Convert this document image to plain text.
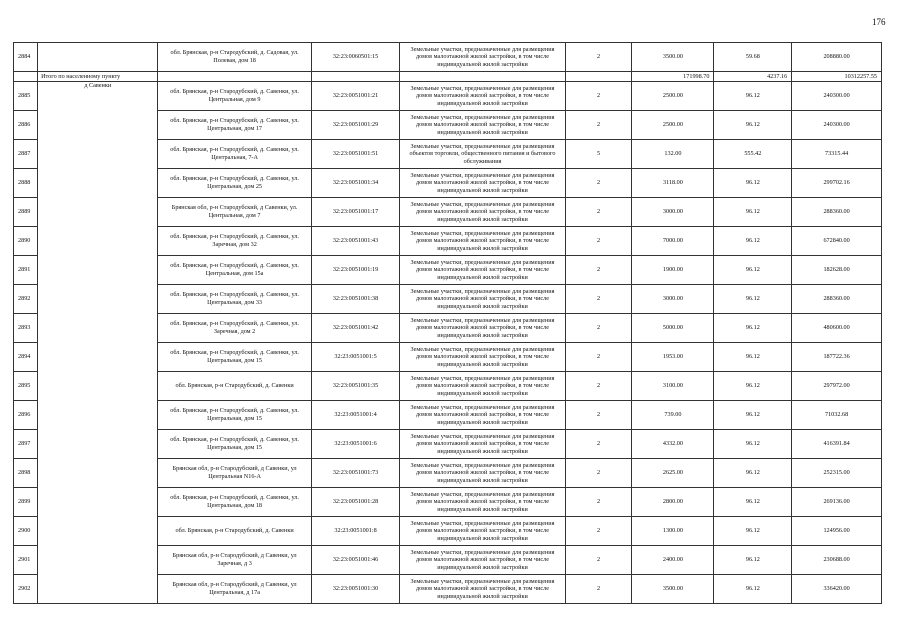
176
2884		обл. Брянская, р-н Стародубский, д. Садовая, ул. Полевая, дом 18	32:23:0060501:15	Земельные участки, предназначенные для размещения домов малоэтажной жилой застройки, в том числе индивидуальной жилой застройки	2	3500.00	59.68	208880.00
	Итого по населенному пункту					171998.70	4237.16	10312257.55
2885	д Савенки	обл. Брянская, р-н Стародубский, д. Савенки, ул. Центральная, дом 9	32:23:0051001:21	Земельные участки, предназначенные для размещения домов малоэтажной жилой застройки, в том числе индивидуальной жилой застройки	2	2500.00	96.12	240300.00
2886		обл. Брянская, р-н Стародубский, д. Савенки, ул. Центральная, дом 17	32:23:0051001:29	Земельные участки, предназначенные для размещения домов малоэтажной жилой застройки, в том числе индивидуальной жилой застройки	2	2500.00	96.12	240300.00
2887		обл. Брянская, р-н Стародубский, д. Савенки, ул. Центральная, 7-А	32:23:0051001:51	Земельные участки, предназначенные для размещения объектов торговли, общественного питания и бытового обслуживания	5	132.00	555.42	73315.44
2888		обл. Брянская, р-н Стародубский, д. Савенки, ул. Центральная, дом 25	32:23:0051001:34	Земельные участки, предназначенные для размещения домов малоэтажной жилой застройки, в том числе индивидуальной жилой застройки	2	3118.00	96.12	299702.16
2889		Брянская обл, р-н Стародубский, д Савенки, ул. Центральная, дом 7	32:23:0051001:17	Земельные участки, предназначенные для размещения домов малоэтажной жилой застройки, в том числе индивидуальной жилой застройки	2	3000.00	96.12	288360.00
2890		обл. Брянская, р-н Стародубский, д. Савенки, ул. Заречная, дом 32	32:23:0051001:43	Земельные участки, предназначенные для размещения домов малоэтажной жилой застройки, в том числе индивидуальной жилой застройки	2	7000.00	96.12	672840.00
2891		обл. Брянская, р-н Стародубский, д. Савенки, ул. Центральная, дом 15а	32:23:0051001:19	Земельные участки, предназначенные для размещения домов малоэтажной жилой застройки, в том числе индивидуальной жилой застройки	2	1900.00	96.12	182628.00
2892		обл. Брянская, р-н Стародубский, д. Савенки, ул. Центральная, дом 33	32:23:0051001:38	Земельные участки, предназначенные для размещения домов малоэтажной жилой застройки, в том числе индивидуальной жилой застройки	2	3000.00	96.12	288360.00
2893		обл. Брянская, р-н Стародубский, д. Савенки, ул. Заречная, дом 2	32:23:0051001:42	Земельные участки, предназначенные для размещения домов малоэтажной жилой застройки, в том числе индивидуальной жилой застройки	2	5000.00	96.12	480600.00
2894		обл. Брянская, р-н Стародубский, д. Савенки, ул. Центральная, дом 15	32:23:0051001:5	Земельные участки, предназначенные для размещения домов малоэтажной жилой застройки, в том числе индивидуальной жилой застройки	2	1953.00	96.12	187722.36
2895		обл. Брянская, р-н Стародубский, д. Савенки	32:23:0051001:35	Земельные участки, предназначенные для размещения домов малоэтажной жилой застройки, в том числе индивидуальной жилой застройки	2	3100.00	96.12	297972.00
2896		обл. Брянская, р-н Стародубский, д. Савенки, ул. Центральная, дом 15	32:23:0051001:4	Земельные участки, предназначенные для размещения домов малоэтажной жилой застройки, в том числе индивидуальной жилой застройки	2	739.00	96.12	71032.68
2897		обл. Брянская, р-н Стародубский, д. Савенки, ул. Центральная, дом 15	32:23:0051001:6	Земельные участки, предназначенные для размещения домов малоэтажной жилой застройки, в том числе индивидуальной жилой застройки	2	4332.00	96.12	416391.84
2898		Брянская обл, р-н Стародубский, д Савенки, ул Центральная N16-А	32:23:0051001:73	Земельные участки, предназначенные для размещения домов малоэтажной жилой застройки, в том числе индивидуальной жилой застройки	2	2625.00	96.12	252315.00
2899		обл. Брянская, р-н Стародубский, д. Савенки, ул. Центральная, дом 18	32:23:0051001:28	Земельные участки, предназначенные для размещения домов малоэтажной жилой застройки, в том числе индивидуальной жилой застройки	2	2800.00	96.12	269136.00
2900		обл. Брянская, р-н Стародубский, д. Савенки	32:23:0051001:8	Земельные участки, предназначенные для размещения домов малоэтажной жилой застройки, в том числе индивидуальной жилой застройки	2	1300.00	96.12	124956.00
2901		Брянская обл, р-н Стародубский, д Савенки, ул Заречная, д 3	32:23:0051001:46	Земельные участки, предназначенные для размещения домов малоэтажной жилой застройки, в том числе индивидуальной жилой застройки	2	2400.00	96.12	230688.00
2902		Брянская обл, р-н Стародубский, д Савенки, ул Центральная, д 17а	32:23:0051001:30	Земельные участки, предназначенные для размещения домов малоэтажной жилой застройки, в том числе индивидуальной жилой застройки	2	3500.00	96.12	336420.00
